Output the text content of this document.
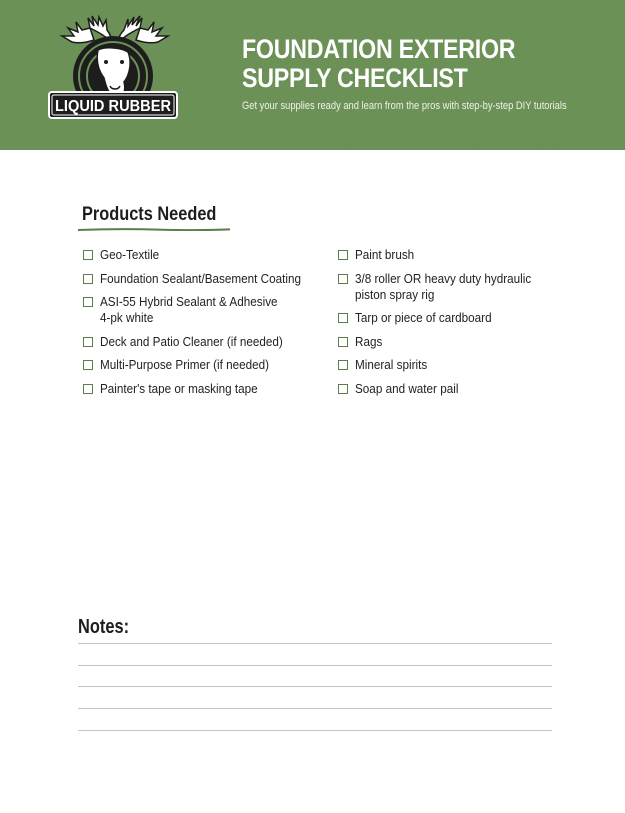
LIQUID RUBBER
FOUNDATION EXTERIOR
SUPPLY CHECKLIST
Get your supplies ready and learn from the pros with step-by-step DIY tutorials
Products Needed
Geo-Textile
Foundation Sealant/Basement Coating
ASI-55 Hybrid Sealant & Adhesive 4-pk white
Deck and Patio Cleaner (if needed)
Multi-Purpose Primer (if needed)
Painter's tape or masking tape
Paint brush
3/8 roller OR heavy duty hydraulic piston spray rig
Tarp or piece of cardboard
Rags
Mineral spirits
Soap and water pail
Notes:
